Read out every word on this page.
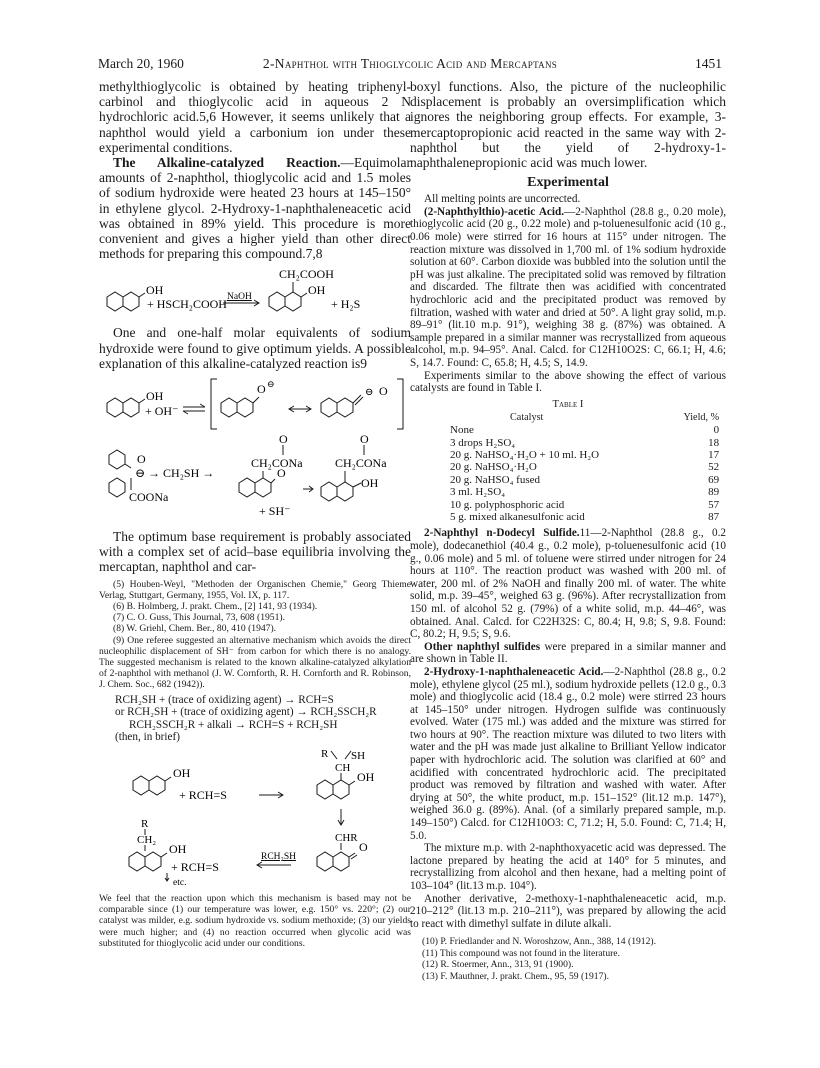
March 20, 1960	2-Naphthol with Thioglycolic Acid and Mercaptans	1451

methylthioglycolic is obtained by heating triphenyl-carbinol and thioglycolic acid in aqueous 2 N hydrochloric acid.5,6 However, it seems unlikely that a naphthol would yield a carbonium ion under these experimental conditions.

The Alkaline-catalyzed Reaction.—Equimolar amounts of 2-naphthol, thioglycolic acid and 1.5 moles of sodium hydroxide were heated 23 hours at 145–150° in ethylene glycol. 2-Hydroxy-1-naphthaleneacetic acid was obtained in 89% yield. This procedure is more convenient and gives a higher yield than other direct methods for preparing this compound.7,8

OH
+ HSCH₂COOH NaOH
CH₂COOH
OH
+ H₂S

One and one-half molar equivalents of sodium hydroxide were found to give optimum yields. A possible explanation of this alkaline-catalyzed reaction is9

OH
+ OH⁻
O ⊖
⊖ O
O
⊖ → CH₂SH →
COONa
O
CH₂CONa
O
+ SH⁻
O
CH₂CONa
OH

The optimum base requirement is probably associated with a complex set of acid–base equilibria involving the mercaptan, naphthol and car-

(5) Houben-Weyl, "Methoden der Organischen Chemie," Georg Thieme Verlag, Stuttgart, Germany, 1955, Vol. IX, p. 117.

(6) B. Holmberg, J. prakt. Chem., [2] 141, 93 (1934).

(7) C. O. Guss, This Journal, 73, 608 (1951).

(8) W. Griehl, Chem. Ber., 80, 410 (1947).

(9) One referee suggested an alternative mechanism which avoids the direct nucleophilic displacement of SH⁻ from carbon for which there is no analogy. The suggested mechanism is related to the known alkaline-catalyzed alkylation of 2-naphthol with methanol (J. W. Cornforth, R. H. Cornforth and R. Robinson, J. Chem. Soc., 682 (1942)).

RCH₂SH + (trace of oxidizing agent) → RCH=S

or RCH₂SH + (trace of oxidizing agent) → RCH₂SSCH₂R

RCH₂SSCH₂R + alkali → RCH=S + RCH₂SH

(then, in brief)

R SH
CH
OH	OH
+ RCH=S
R
CH₂	CHR
OH	O
RCH₂SH
+ RCH=S
etc.

We feel that the reaction upon which this mechanism is based may not be comparable since (1) our temperature was lower, e.g. 150° vs. 220°; (2) our catalyst was milder, e.g. sodium hydroxide vs. sodium methoxide; (3) our yields were much higher; and (4) no reaction occurred when glycolic acid was substituted for thioglycolic acid under our conditions.

boxyl functions. Also, the picture of the nucleophilic displacement is probably an oversimplification which ignores the neighboring group effects. For example, 3-mercaptopropionic acid reacted in the same way with 2-naphthol but the yield of 2-hydroxy-1-naphthalenepropionic acid was much lower.

Experimental

All melting points are uncorrected.

(2-Naphthylthio)-acetic Acid.—2-Naphthol (28.8 g., 0.20 mole), thioglycolic acid (20 g., 0.22 mole) and p-toluenesulfonic acid (10 g., 0.06 mole) were stirred for 16 hours at 115° under nitrogen. The reaction mixture was dissolved in 1,700 ml. of 1% sodium hydroxide solution at 60°. Carbon dioxide was bubbled into the solution until the pH was just alkaline. The precipitated solid was removed by filtration and discarded. The filtrate then was acidified with concentrated hydrochloric acid and the precipitated product was removed by filtration, washed with water and dried at 50°. A light gray solid, m.p. 89–91° (lit.10 m.p. 91°), weighing 38 g. (87%) was obtained. A sample prepared in a similar manner was recrystallized from aqueous alcohol, m.p. 94–95°. Anal. Calcd. for C12H10O2S: C, 66.1; H, 4.6; S, 14.7. Found: C, 65.8; H, 4.5; S, 14.9.

Experiments similar to the above showing the effect of various catalysts are found in Table I.

Table I
Catalyst	Yield, %
None	0
3 drops H₂SO₄	18
20 g. NaHSO₄·H₂O + 10 ml. H₂O	17
20 g. NaHSO₄·H₂O	52
20 g. NaHSO₄ fused	69
3 ml. H₂SO₄	89
10 g. polyphosphoric acid	57
5 g. mixed alkanesulfonic acid	87

2-Naphthyl n-Dodecyl Sulfide.11—2-Naphthol (28.8 g., 0.2 mole), dodecanethiol (40.4 g., 0.2 mole), p-toluenesulfonic acid (10 g., 0.06 mole) and 5 ml. of toluene were stirred under nitrogen for 24 hours at 110°. The reaction product was washed with 200 ml. of water, 200 ml. of 2% NaOH and finally 200 ml. of water. The white solid, m.p. 39–45°, weighed 63 g. (96%). After recrystallization from 150 ml. of alcohol 52 g. (79%) of a white solid, m.p. 44–46°, was obtained. Anal. Calcd. for C22H32S: C, 80.4; H, 9.8; S, 9.8. Found: C, 80.2; H, 9.5; S, 9.6.

Other naphthyl sulfides were prepared in a similar manner and are shown in Table II.

2-Hydroxy-1-naphthaleneacetic Acid.—2-Naphthol (28.8 g., 0.2 mole), ethylene glycol (25 ml.), sodium hydroxide pellets (12.0 g., 0.3 mole) and thioglycolic acid (18.4 g., 0.2 mole) were stirred 23 hours at 145–150° under nitrogen. Hydrogen sulfide was continuously evolved. Water (175 ml.) was added and the mixture was stirred for two hours at 90°. The reaction mixture was diluted to two liters with water and the pH was made just alkaline to Brilliant Yellow indicator paper with hydrochloric acid. The solution was clarified at 60° and acidified with concentrated hydrochloric acid. The precipitated product was removed by filtration and washed with water. After drying at 50°, the white product, m.p. 151–152° (lit.12 m.p. 147°), weighed 36.0 g. (89%). Anal. (of a similarly prepared sample, m.p. 149–150°) Calcd. for C12H10O3: C, 71.2; H, 5.0. Found: C, 71.4; H, 5.0.

The mixture m.p. with 2-naphthoxyacetic acid was depressed. The lactone prepared by heating the acid at 140° for 5 minutes, and recrystallizing from alcohol and then hexane, had a melting point of 103–104° (lit.13 m.p. 104°).

Another derivative, 2-methoxy-1-naphthaleneacetic acid, m.p. 210–212° (lit.13 m.p. 210–211°), was prepared by allowing the acid to react with dimethyl sulfate in dilute alkali.

(10) P. Friedlander and N. Woroshzow, Ann., 388, 14 (1912).

(11) This compound was not found in the literature.

(12) R. Stoermer, Ann., 313, 91 (1900).

(13) F. Mauthner, J. prakt. Chem., 95, 59 (1917).
